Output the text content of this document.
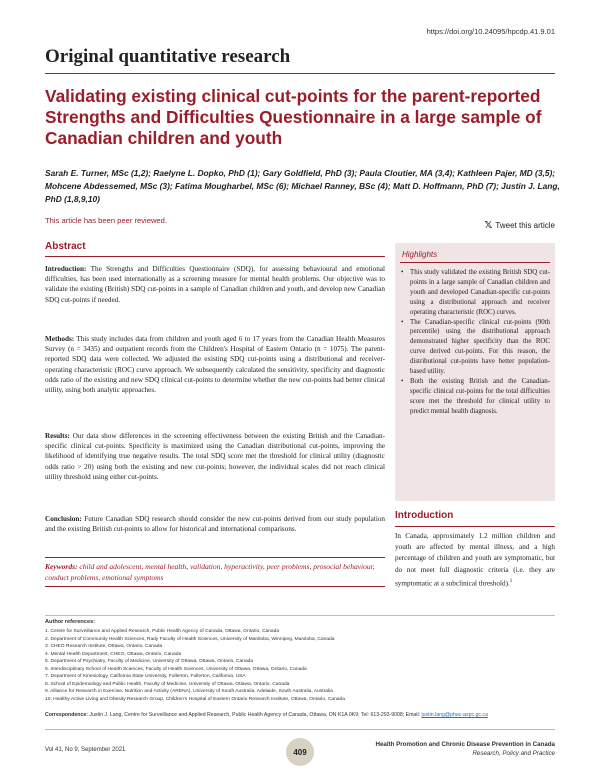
https://doi.org/10.24095/hpcdp.41.9.01
Original quantitative research
Validating existing clinical cut-points for the parent-reported Strengths and Difficulties Questionnaire in a large sample of Canadian children and youth
Sarah E. Turner, MSc (1,2); Raelyne L. Dopko, PhD (1); Gary Goldfield, PhD (3); Paula Cloutier, MA (3,4); Kathleen Pajer, MD (3,5); Mohcene Abdessemed, MSc (3); Fatima Mougharbel, MSc (6); Michael Ranney, BSc (4); Matt D. Hoffmann, PhD (7); Justin J. Lang, PhD (1,8,9,10)
This article has been peer reviewed.	𝕏 Tweet this article
Abstract
Introduction: The Strengths and Difficulties Questionnaire (SDQ), for assessing behavioural and emotional difficulties, has been used internationally as a screening measure for mental health problems. Our objective was to validate the existing (British) SDQ cut-points in a sample of Canadian children and youth, and develop new Canadian SDQ cut-points if needed.
Methods: This study includes data from children and youth aged 6 to 17 years from the Canadian Health Measures Survey (n = 3435) and outpatient records from the Children's Hospital of Eastern Ontario (n = 1075). The parent-reported SDQ data were collected. We adjusted the existing SDQ cut-points using a distributional and receiver-operating characteristic (ROC) curve approach. We subsequently calculated the sensitivity, specificity and diagnostic odds ratio of the existing and new SDQ clinical cut-points to determine whether the new cut-points had better clinical utility, using both analytic approaches.
Results: Our data show differences in the screening effectiveness between the existing British and the Canadian-specific clinical cut-points. Specificity is maximized using the Canadian distributional cut-points, improving the likelihood of identifying true negative results. The total SDQ score met the threshold for clinical utility (diagnostic odds ratio > 20) using both the existing and new cut-points; however, the individual scales did not reach clinical utility threshold using either cut-points.
Conclusion: Future Canadian SDQ research should consider the new cut-points derived from our study population and the existing British cut-points to allow for historical and international comparisons.
Keywords: child and adolescent, mental health, validation, hyperactivity, peer problems, prosocial behaviour, conduct problems, emotional symptoms
Highlights
• This study validated the existing British SDQ cut-points in a large sample of Canadian children and youth and developed Canadian-specific cut-points using a distributional approach and receiver operating characteristic (ROC) curves.
• The Canadian-specific clinical cut-points (90th percentile) using the distributional approach demonstrated higher specificity than the ROC curve derived cut-points. For this reason, the distributional cut-points have better population-based utility.
• Both the existing British and the Canadian-specific clinical cut-points for the total difficulties score met the threshold for clinical utility to predict mental health diagnosis.
Introduction
In Canada, approximately 1.2 million children and youth are affected by mental illness, and a high percentage of children and youth are symptomatic, but do not meet full diagnostic criteria (i.e. they are symptomatic at a subclinical threshold).$^1$
Author references:
1. Centre for Surveillance and Applied Research, Public Health Agency of Canada, Ottawa, Ontario, Canada
2. Department of Community Health Sciences, Rady Faculty of Health Sciences, University of Manitoba, Winnipeg, Manitoba, Canada
3. CHEO Research Institute, Ottawa, Ontario, Canada
4. Mental Health Department, CHEO, Ottawa, Ontario, Canada
5. Department of Psychiatry, Faculty of Medicine, University of Ottawa, Ottawa, Ontario, Canada
6. Interdisciplinary School of Health Sciences, Faculty of Health Sciences, University of Ottawa, Ottawa, Ontario, Canada
7. Department of Kinesiology, California State University, Fullerton, Fullerton, California, USA
8. School of Epidemiology and Public Health, Faculty of Medicine, University of Ottawa, Ottawa, Ontario, Canada
9. Alliance for Research in Exercise, Nutrition and Activity (ARENA), University of South Australia, Adelaide, South Australia, Australia
10. Healthy Active Living and Obesity Research Group, Children's Hospital of Eastern Ontario Research Institute, Ottawa, Ontario, Canada
Correspondence: Justin J. Lang, Centre for Surveillance and Applied Research, Public Health Agency of Canada, Ottawa, ON K1A 0K9; Tel: 613-293-9008; Email: justin.lang@phac-aspc.gc.ca
Vol 41, No 9, September 2021	409
Health Promotion and Chronic Disease Prevention in Canada
Research, Policy and Practice
